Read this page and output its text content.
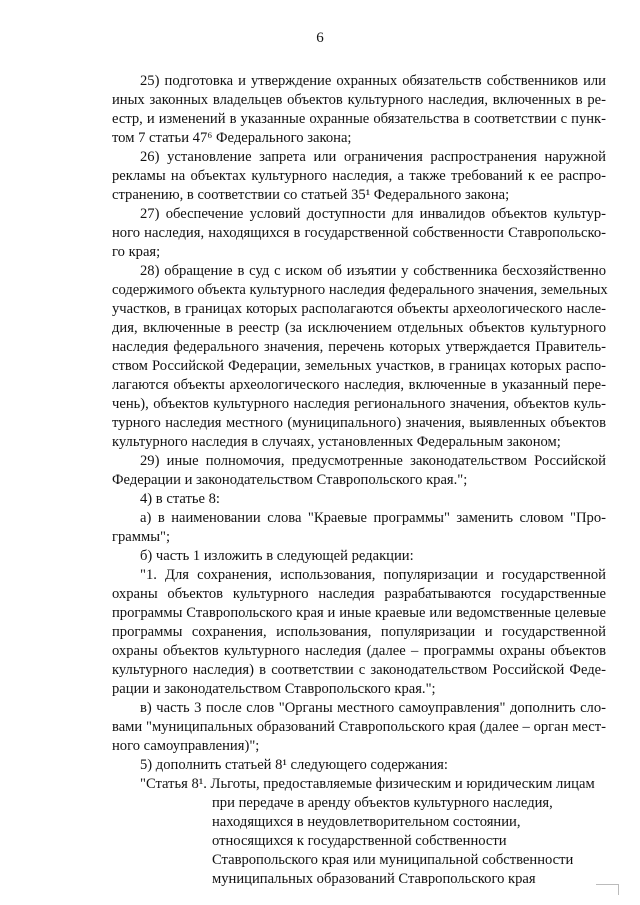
6
25) подготовка и утверждение охранных обязательств собственников или
иных законных владельцев объектов культурного наследия, включенных в ре-
естр, и изменений в указанные охранные обязательства в соответствии с пунк-
том 7 статьи 47⁶ Федерального закона;
26) установление запрета или ограничения распространения наружной
рекламы на объектах культурного наследия, а также требований к ее распро-
странению, в соответствии со статьей 35¹ Федерального закона;
27) обеспечение условий доступности для инвалидов объектов культур-
ного наследия, находящихся в государственной собственности Ставропольско-
го края;
28) обращение в суд с иском об изъятии у собственника бесхозяйственно
содержимого объекта культурного наследия федерального значения, земельных
участков, в границах которых располагаются объекты археологического насле-
дия, включенные в реестр (за исключением отдельных объектов культурного
наследия федерального значения, перечень которых утверждается Правитель-
ством Российской Федерации, земельных участков, в границах которых распо-
лагаются объекты археологического наследия, включенные в указанный пере-
чень), объектов культурного наследия регионального значения, объектов куль-
турного наследия местного (муниципального) значения, выявленных объектов
культурного наследия в случаях, установленных Федеральным законом;
29) иные полномочия, предусмотренные законодательством Российской
Федерации и законодательством Ставропольского края.";
4) в статье 8:
а) в наименовании слова "Краевые программы" заменить словом "Про-
граммы";
б) часть 1 изложить в следующей редакции:
"1. Для сохранения, использования, популяризации и государственной
охраны объектов культурного наследия разрабатываются государственные
программы Ставропольского края и иные краевые или ведомственные целевые
программы сохранения, использования, популяризации и государственной
охраны объектов культурного наследия (далее – программы охраны объектов
культурного наследия) в соответствии с законодательством Российской Феде-
рации и законодательством Ставропольского края.";
в) часть 3 после слов "Органы местного самоуправления" дополнить сло-
вами "муниципальных образований Ставропольского края (далее – орган мест-
ного самоуправления)";
5) дополнить статьей 8¹ следующего содержания:
"Статья 8¹. Льготы, предоставляемые физическим и юридическим лицам
при передаче в аренду объектов культурного наследия,
находящихся в неудовлетворительном состоянии,
относящихся к государственной собственности
Ставропольского края или муниципальной собственности
муниципальных образований Ставропольского края
